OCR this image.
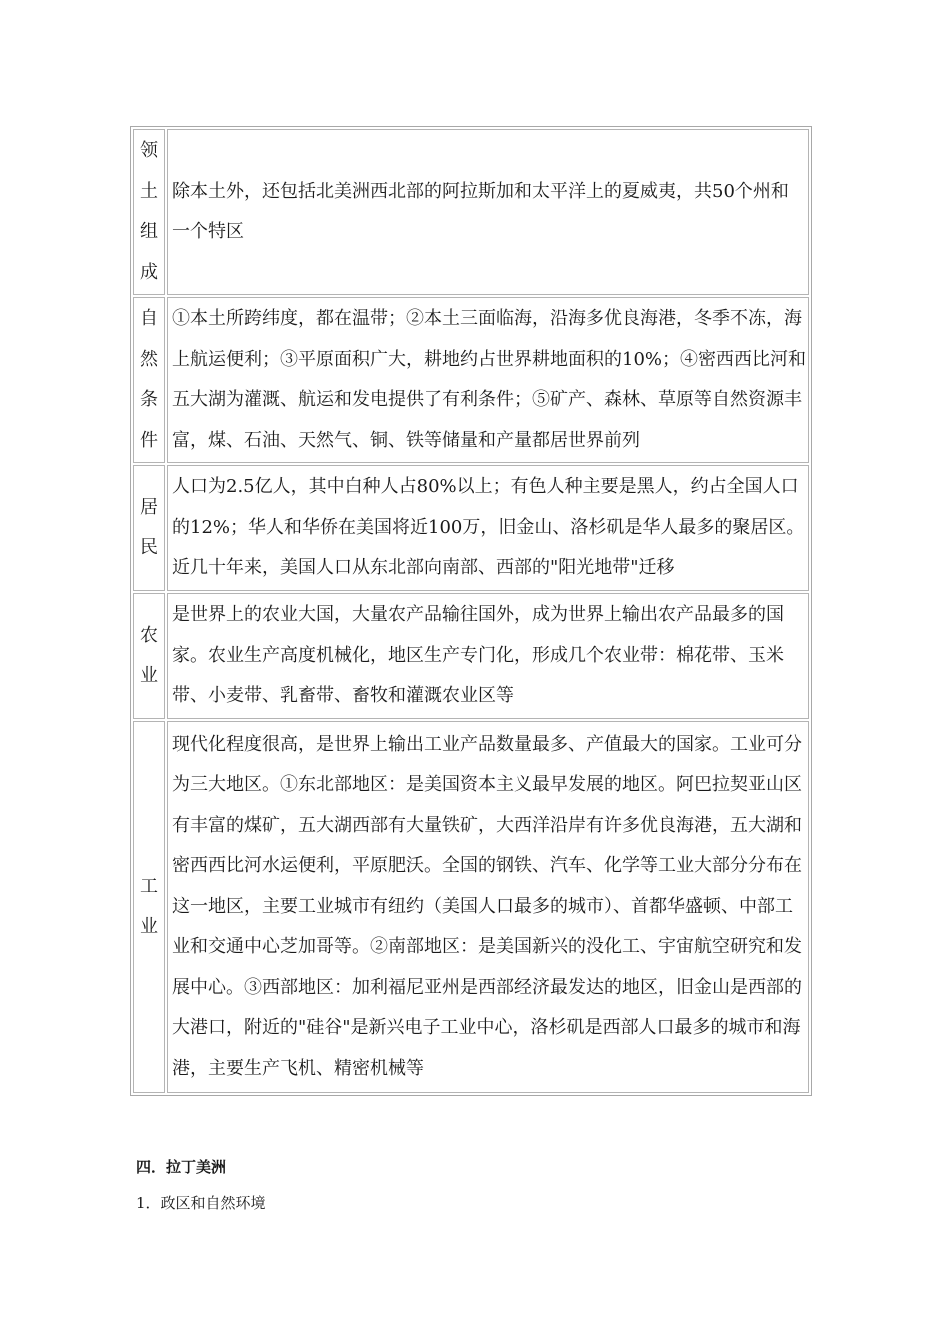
领土组成	除本土外，还包括北美洲西北部的阿拉斯加和太平洋上的夏威夷，共50个州和一个特区

自然条件	①本土所跨纬度，都在温带；②本土三面临海，沿海多优良海港，冬季不冻，海上航运便利；③平原面积广大，耕地约占世界耕地面积的10%；④密西西比河和五大湖为灌溉、航运和发电提供了有利条件；⑤矿产、森林、草原等自然资源丰富，煤、石油、天然气、铜、铁等储量和产量都居世界前列

居民	人口为2.5亿人，其中白种人占80%以上；有色人种主要是黑人，约占全国人口的12%；华人和华侨在美国将近100万，旧金山、洛杉矶是华人最多的聚居区。近几十年来，美国人口从东北部向南部、西部的"阳光地带"迁移

农业	是世界上的农业大国，大量农产品输往国外，成为世界上输出农产品最多的国家。农业生产高度机械化，地区生产专门化，形成几个农业带：棉花带、玉米带、小麦带、乳畜带、畜牧和灌溉农业区等

工业	现代化程度很高，是世界上输出工业产品数量最多、产值最大的国家。工业可分为三大地区。①东北部地区：是美国资本主义最早发展的地区。阿巴拉契亚山区有丰富的煤矿，五大湖西部有大量铁矿，大西洋沿岸有许多优良海港，五大湖和密西西比河水运便利，平原肥沃。全国的钢铁、汽车、化学等工业大部分分布在这一地区，主要工业城市有纽约（美国人口最多的城市）、首都华盛顿、中部工业和交通中心芝加哥等。②南部地区：是美国新兴的没化工、宇宙航空研究和发展中心。③西部地区：加利福尼亚州是西部经济最发达的地区，旧金山是西部的大港口，附近的"硅谷"是新兴电子工业中心，洛杉矶是西部人口最多的城市和海港，主要生产飞机、精密机械等
四．拉丁美洲
1．政区和自然环境
